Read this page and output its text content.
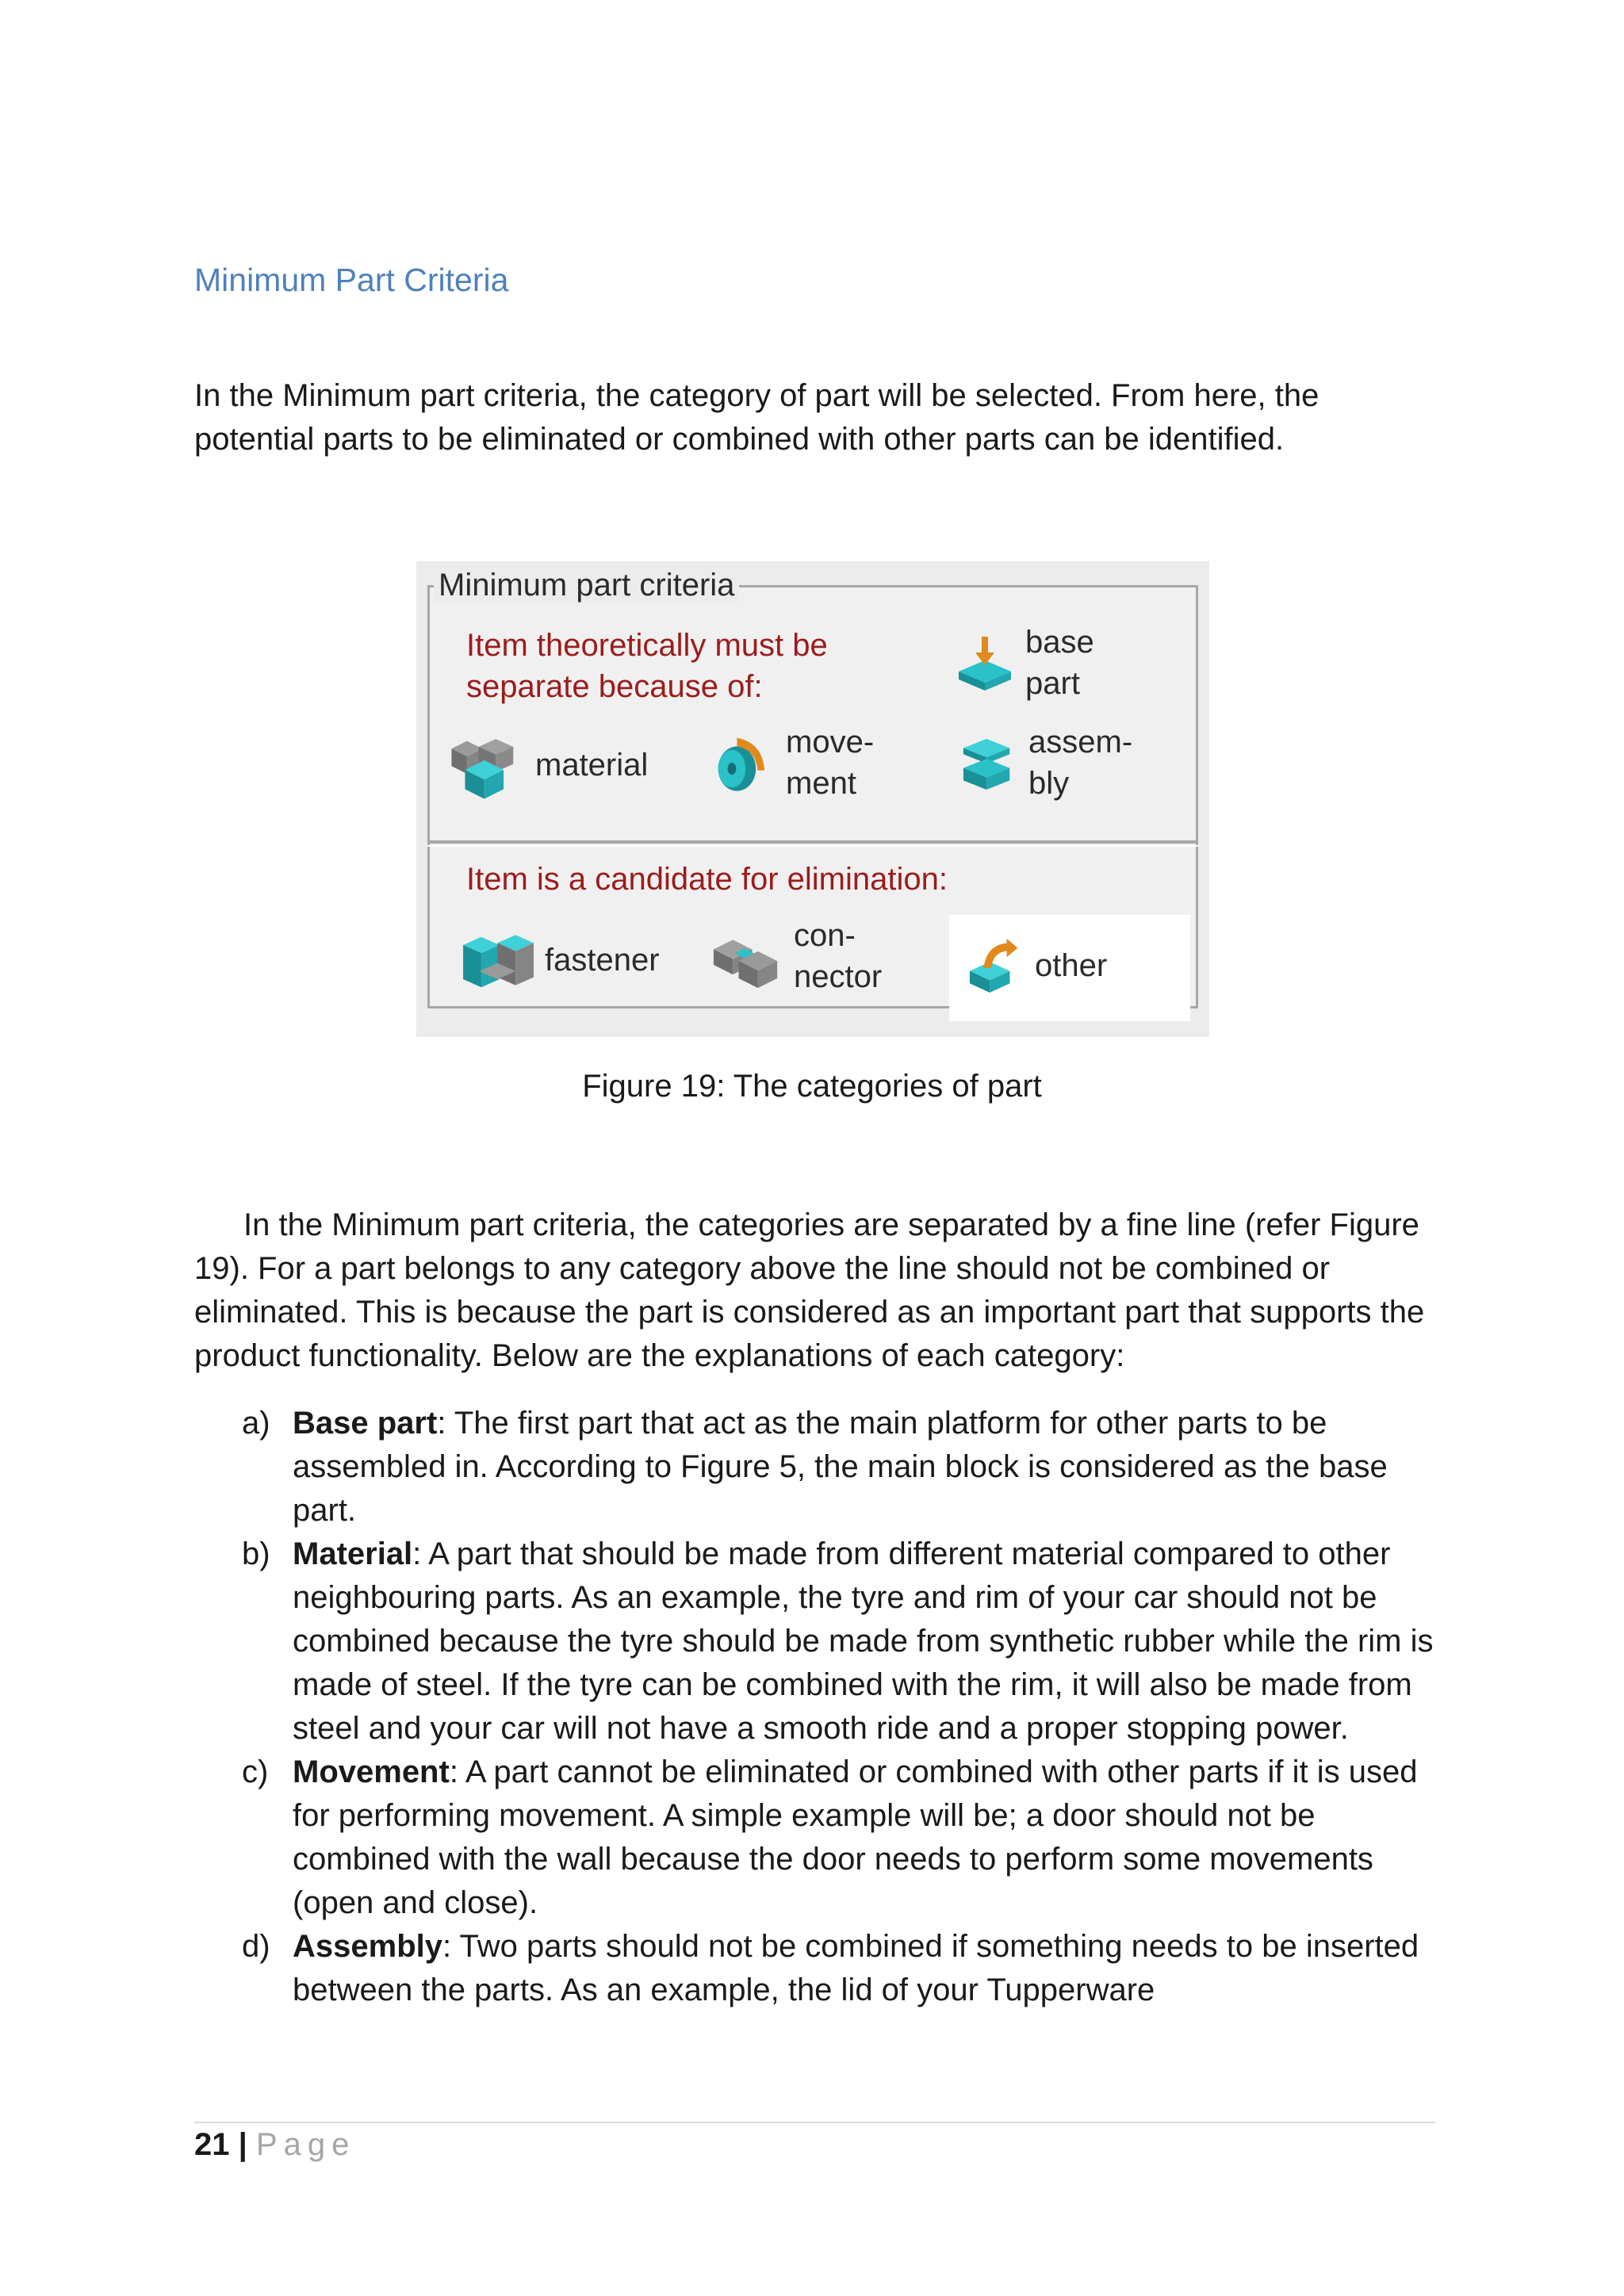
Minimum Part Criteria

In the Minimum part criteria, the category of part will be selected. From here, the potential parts to be eliminated or combined with other parts can be identified.

Minimum part criteria
Item theoretically must be
separate because of:
base
part
material
move-
ment
assem-
bly
Item is a candidate for elimination:
fastener
con-
nector	other

Figure 19: The categories of part

In the Minimum part criteria, the categories are separated by a fine line (refer Figure 19). For a part belongs to any category above the line should not be combined or eliminated. This is because the part is considered as an important part that supports the product functionality. Below are the explanations of each category:

a) Base part: The first part that act as the main platform for other parts to be assembled in. According to Figure 5, the main block is considered as the base part.
b) Material: A part that should be made from different material compared to other neighbouring parts. As an example, the tyre and rim of your car should not be combined because the tyre should be made from synthetic rubber while the rim is made of steel. If the tyre can be combined with the rim, it will also be made from steel and your car will not have a smooth ride and a proper stopping power.
c) Movement: A part cannot be eliminated or combined with other parts if it is used for performing movement. A simple example will be; a door should not be combined with the wall because the door needs to perform some movements (open and close).
d) Assembly: Two parts should not be combined if something needs to be inserted between the parts. As an example, the lid of your Tupperware
21 | Page
